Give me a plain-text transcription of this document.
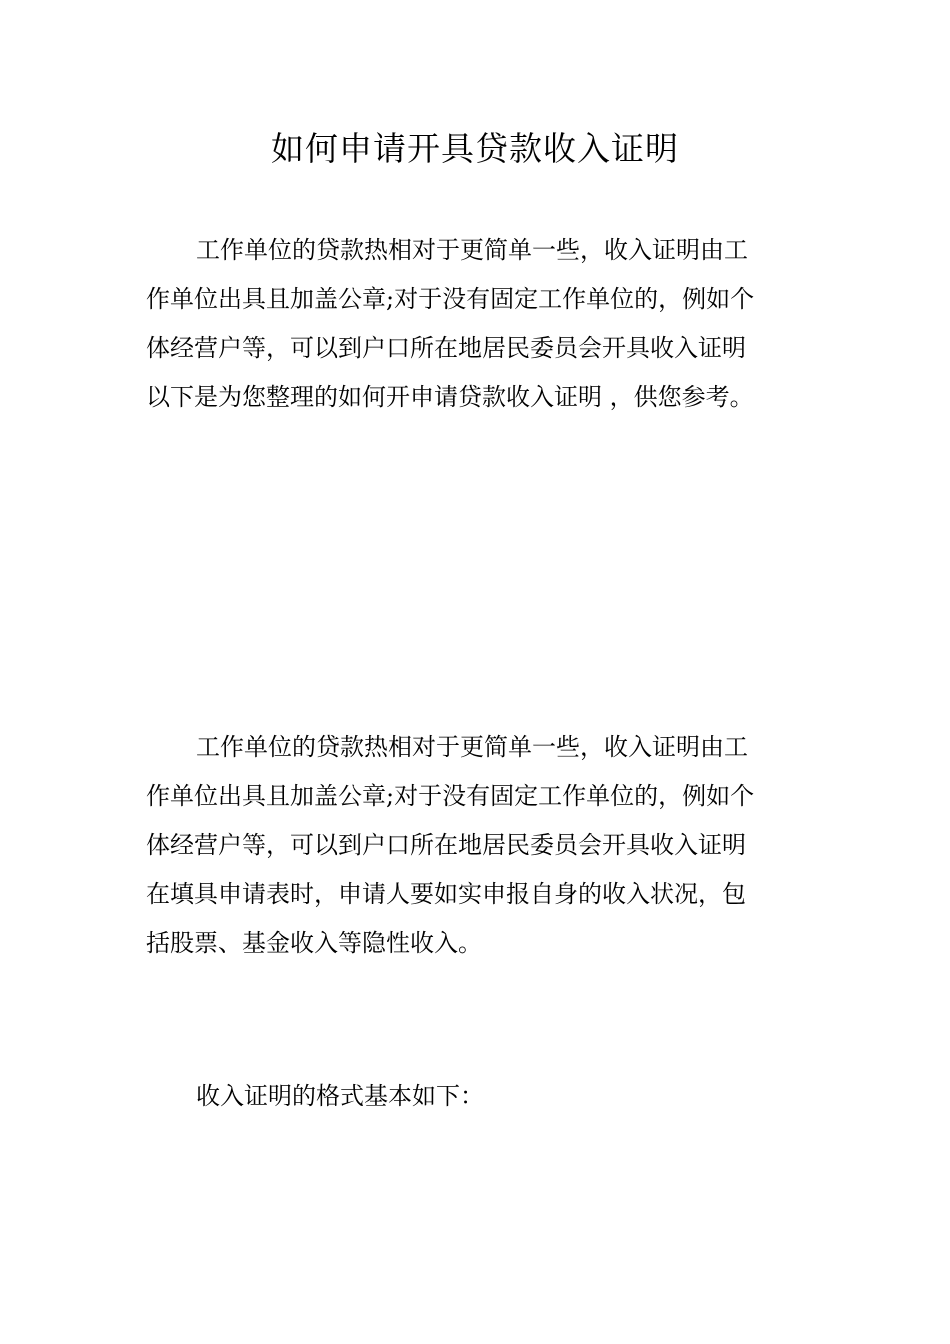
如何申请开具贷款收入证明
工作单位的贷款热相对于更简单一些，收入证明由工
作单位出具且加盖公章;对于没有固定工作单位的，例如个
体经营户等，可以到户口所在地居民委员会开具收入证明
以下是为您整理的如何开申请贷款收入证明 ，供您参考。
工作单位的贷款热相对于更简单一些，收入证明由工
作单位出具且加盖公章;对于没有固定工作单位的，例如个
体经营户等，可以到户口所在地居民委员会开具收入证明
在填具申请表时，申请人要如实申报自身的收入状况，包
括股票、基金收入等隐性收入。
收入证明的格式基本如下：
